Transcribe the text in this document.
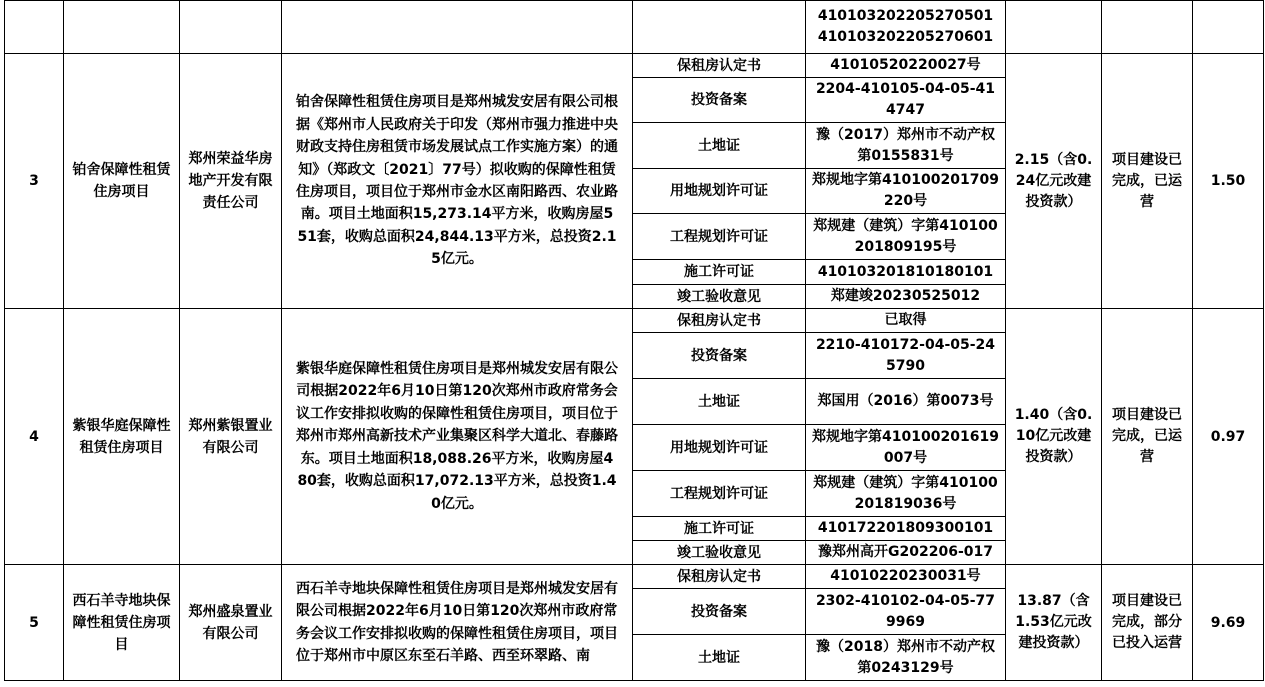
					410103202205270501
410103202205270601			

3	铂舍保障性租赁住房项目	郑州荣益华房地产开发有限责任公司	铂舍保障性租赁住房项目是郑州城发安居有限公司根据《郑州市人民政府关于印发（郑州市强力推进中央财政支持住房租赁市场发展试点工作实施方案）的通知》（郑政文〔2021〕77号）拟收购的保障性租赁住房项目，项目位于郑州市金水区南阳路西、农业路南。项目土地面积15,273.14平方米，收购房屋551套，收购总面积24,844.13平方米，总投资2.15亿元。	保租房认定书	41010520220027号	2.15（含0.24亿元改建投资款）	项目建设已完成，已运营	1.50
				投资备案	2204-410105-04-05-414747			
				土地证	豫（2017）郑州市不动产权第0155831号			
				用地规划许可证	郑规地字第410100201709220号			
				工程规划许可证	郑规建（建筑）字第410100201809195号			
				施工许可证	410103201810180101			
				竣工验收意见	郑建竣20230525012			
4	紫银华庭保障性租赁住房项目	郑州紫银置业有限公司	紫银华庭保障性租赁住房项目是郑州城发安居有限公司根据2022年6月10日第120次郑州市政府常务会议工作安排拟收购的保障性租赁住房项目，项目位于郑州市郑州高新技术产业集聚区科学大道北、春藤路东。项目土地面积18,088.26平方米，收购房屋480套，收购总面积17,072.13平方米，总投资1.40亿元。	保租房认定书	已取得	1.40（含0.10亿元改建投资款）	项目建设已完成，已运营	0.97
				投资备案	2210-410172-04-05-245790			
				土地证	郑国用（2016）第0073号			
				用地规划许可证	郑规地字第410100201619007号			
				工程规划许可证	郑规建（建筑）字第410100201819036号			
				施工许可证	410172201809300101			
				竣工验收意见	豫郑州高开G202206-017			
5	西石羊寺地块保障性租赁住房项目	郑州盛泉置业有限公司	西石羊寺地块保障性租赁住房项目是郑州城发安居有限公司根据2022年6月10日第120次郑州市政府常务会议工作安排拟收购的保障性租赁住房项目，项目位于郑州市中原区东至石羊路、西至环翠路、南	保租房认定书	41010220230031号	13.87（含1.53亿元改建投资款）	项目建设已完成，部分已投入运营	9.69
				投资备案	2302-410102-04-05-779969			
				土地证	豫（2018）郑州市不动产权第0243129号			
